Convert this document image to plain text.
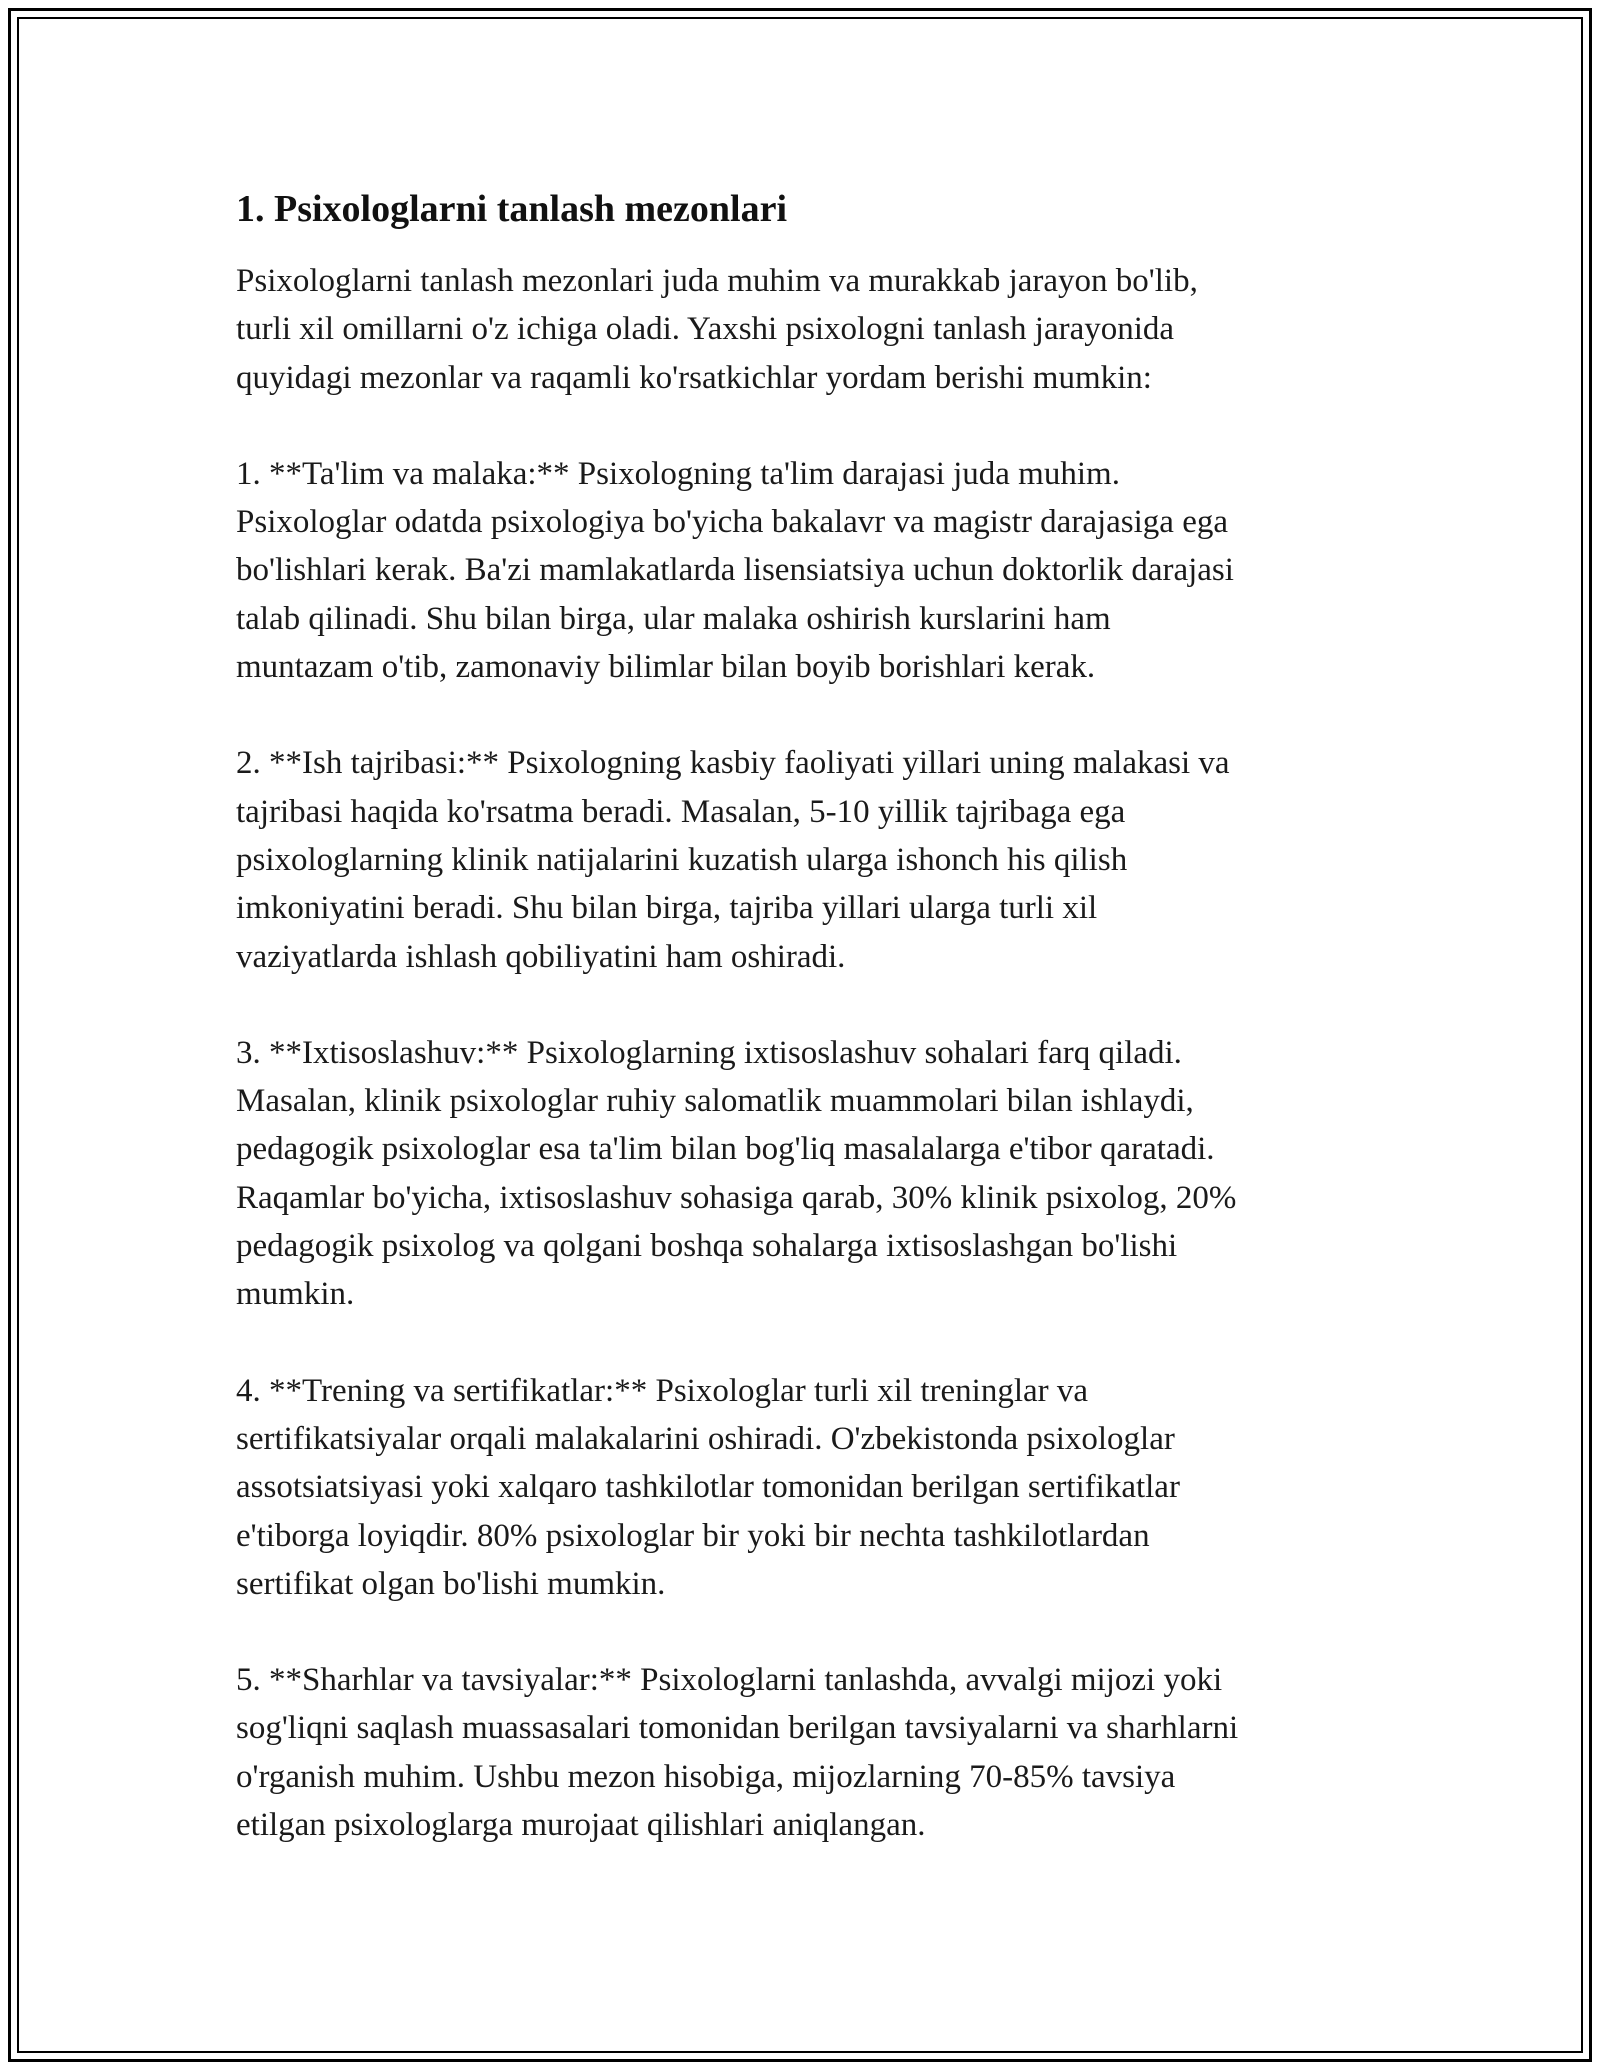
1. Psixologlarni tanlash mezonlari

Psixologlarni tanlash mezonlari juda muhim va murakkab jarayon bo'lib,
turli xil omillarni o'z ichiga oladi. Yaxshi psixologni tanlash jarayonida
quyidagi mezonlar va raqamli ko'rsatkichlar yordam berishi mumkin:

1. **Ta'lim va malaka:** Psixologning ta'lim darajasi juda muhim.
Psixologlar odatda psixologiya bo'yicha bakalavr va magistr darajasiga ega
bo'lishlari kerak. Ba'zi mamlakatlarda lisensiatsiya uchun doktorlik darajasi
talab qilinadi. Shu bilan birga, ular malaka oshirish kurslarini ham
muntazam o'tib, zamonaviy bilimlar bilan boyib borishlari kerak.

2. **Ish tajribasi:** Psixologning kasbiy faoliyati yillari uning malakasi va
tajribasi haqida ko'rsatma beradi. Masalan, 5-10 yillik tajribaga ega
psixologlarning klinik natijalarini kuzatish ularga ishonch his qilish
imkoniyatini beradi. Shu bilan birga, tajriba yillari ularga turli xil
vaziyatlarda ishlash qobiliyatini ham oshiradi.

3. **Ixtisoslashuv:** Psixologlarning ixtisoslashuv sohalari farq qiladi.
Masalan, klinik psixologlar ruhiy salomatlik muammolari bilan ishlaydi,
pedagogik psixologlar esa ta'lim bilan bog'liq masalalarga e'tibor qaratadi.
Raqamlar bo'yicha, ixtisoslashuv sohasiga qarab, 30% klinik psixolog, 20%
pedagogik psixolog va qolgani boshqa sohalarga ixtisoslashgan bo'lishi
mumkin.

4. **Trening va sertifikatlar:** Psixologlar turli xil treninglar va
sertifikatsiyalar orqali malakalarini oshiradi. O'zbekistonda psixologlar
assotsiatsiyasi yoki xalqaro tashkilotlar tomonidan berilgan sertifikatlar
e'tiborga loyiqdir. 80% psixologlar bir yoki bir nechta tashkilotlardan
sertifikat olgan bo'lishi mumkin.

5. **Sharhlar va tavsiyalar:** Psixologlarni tanlashda, avvalgi mijozi yoki
sog'liqni saqlash muassasalari tomonidan berilgan tavsiyalarni va sharhlarni
o'rganish muhim. Ushbu mezon hisobiga, mijozlarning 70-85% tavsiya
etilgan psixologlarga murojaat qilishlari aniqlangan.
